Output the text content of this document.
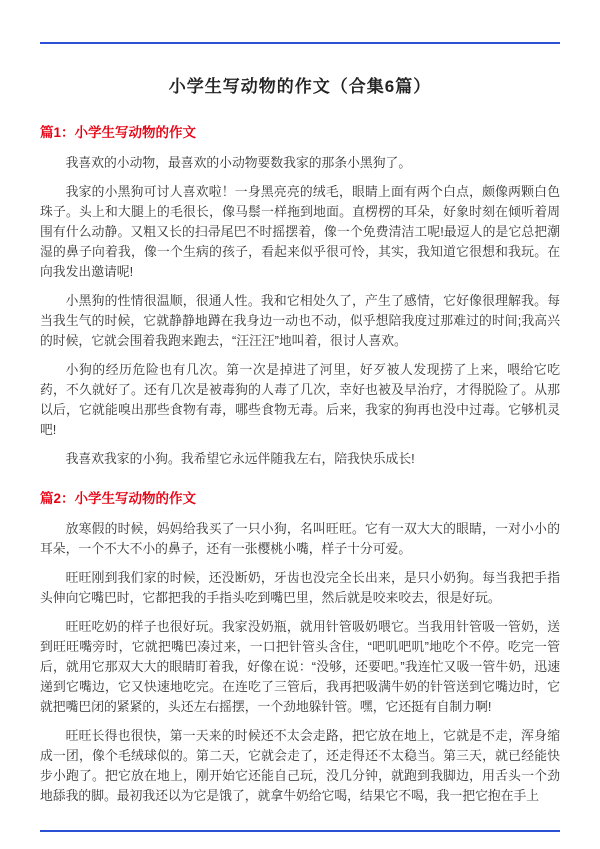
小学生写动物的作文（合集6篇）
篇1：小学生写动物的作文

我喜欢的小动物，最喜欢的小动物要数我家的那条小黑狗了。

我家的小黑狗可讨人喜欢啦！一身黑亮亮的绒毛，眼睛上面有两个白点，颇像两颗白色珠子。头上和大腿上的毛很长，像马鬃一样拖到地面。直楞楞的耳朵，好象时刻在倾听着周围有什么动静。又粗又长的扫帚尾巴不时摇摆着，像一个免费清洁工呢!最逗人的是它总把潮湿的鼻子向着我，像一个生病的孩子，看起来似乎很可怜，其实，我知道它很想和我玩。在向我发出邀请呢!

小黑狗的性情很温顺，很通人性。我和它相处久了，产生了感情，它好像很理解我。每当我生气的时候，它就静静地蹲在我身边一动也不动，似乎想陪我度过那难过的时间;我高兴的时候，它就会围着我跑来跑去，“汪汪汪”地叫着，很讨人喜欢。

小狗的经历危险也有几次。第一次是掉进了河里，好歹被人发现捞了上来，喂给它吃药，不久就好了。还有几次是被毒狗的人毒了几次，幸好也被及早治疗，才得脱险了。从那以后，它就能嗅出那些食物有毒，哪些食物无毒。后来，我家的狗再也没中过毒。它够机灵吧!

我喜欢我家的小狗。我希望它永远伴随我左右，陪我快乐成长!

篇2：小学生写动物的作文

放寒假的时候，妈妈给我买了一只小狗，名叫旺旺。它有一双大大的眼睛，一对小小的耳朵，一个不大不小的鼻子，还有一张樱桃小嘴，样子十分可爱。

旺旺刚到我们家的时候，还没断奶，牙齿也没完全长出来，是只小奶狗。每当我把手指头伸向它嘴巴时，它都把我的手指头吃到嘴巴里，然后就是咬来咬去，很是好玩。

旺旺吃奶的样子也很好玩。我家没奶瓶，就用针管吸奶喂它。当我用针管吸一管奶，送到旺旺嘴旁时，它就把嘴巴凑过来，一口把针管头含住，“吧叽吧叽”地吃个不停。吃完一管后，就用它那双大大的眼睛盯着我，好像在说：“没够，还要吧。”我连忙又吸一管牛奶，迅速递到它嘴边，它又快速地吃完。在连吃了三管后，我再把吸满牛奶的针管送到它嘴边时，它就把嘴巴闭的紧紧的，头还左右摇摆，一个劲地躲针管。嘿，它还挺有自制力啊!

旺旺长得也很快，第一天来的时候还不太会走路，把它放在地上，它就是不走，浑身缩成一团，像个毛绒球似的。第二天，它就会走了，还走得还不太稳当。第三天，就已经能快步小跑了。把它放在地上，刚开始它还能自己玩，没几分钟，就跑到我脚边，用舌头一个劲地舔我的脚。最初我还以为它是饿了，就拿牛奶给它喝，结果它不喝，我一把它抱在手上
